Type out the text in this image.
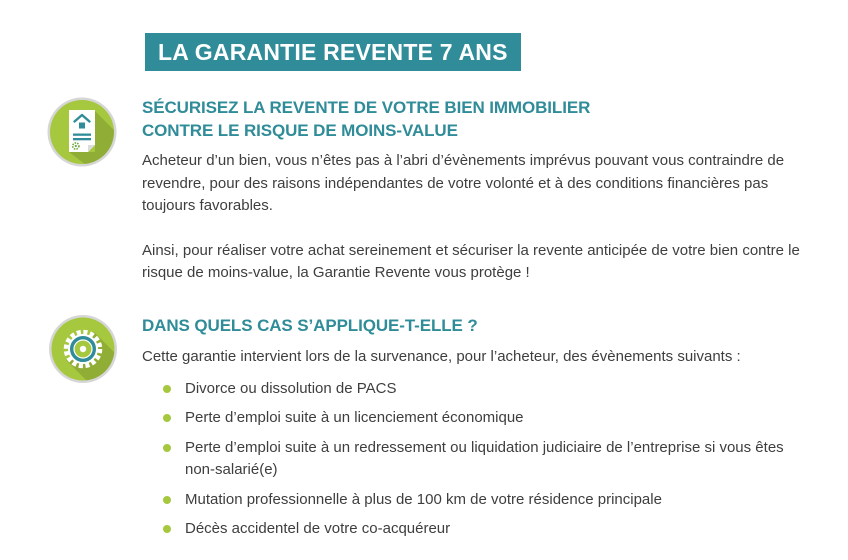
LA GARANTIE REVENTE 7 ANS
SÉCURISEZ LA REVENTE DE VOTRE BIEN IMMOBILIER
CONTRE LE RISQUE DE MOINS-VALUE

Acheteur d’un bien, vous n’êtes pas à l’abri d’évènements imprévus pouvant vous contraindre de revendre, pour des raisons indépendantes de votre volonté et à des conditions financières pas toujours favorables.

Ainsi, pour réaliser votre achat sereinement et sécuriser la revente anticipée de votre bien contre le risque de moins-value, la Garantie Revente vous protège !

DANS QUELS CAS S’APPLIQUE-T-ELLE ?

Cette garantie intervient lors de la survenance, pour l’acheteur, des évènements suivants :

Divorce ou dissolution de PACS
Perte d’emploi suite à un licenciement économique
Perte d’emploi suite à un redressement ou liquidation judiciaire de l’entreprise si vous êtes non-salarié(e)
Mutation professionnelle à plus de 100 km de votre résidence principale
Décès accidentel de votre co-acquéreur
